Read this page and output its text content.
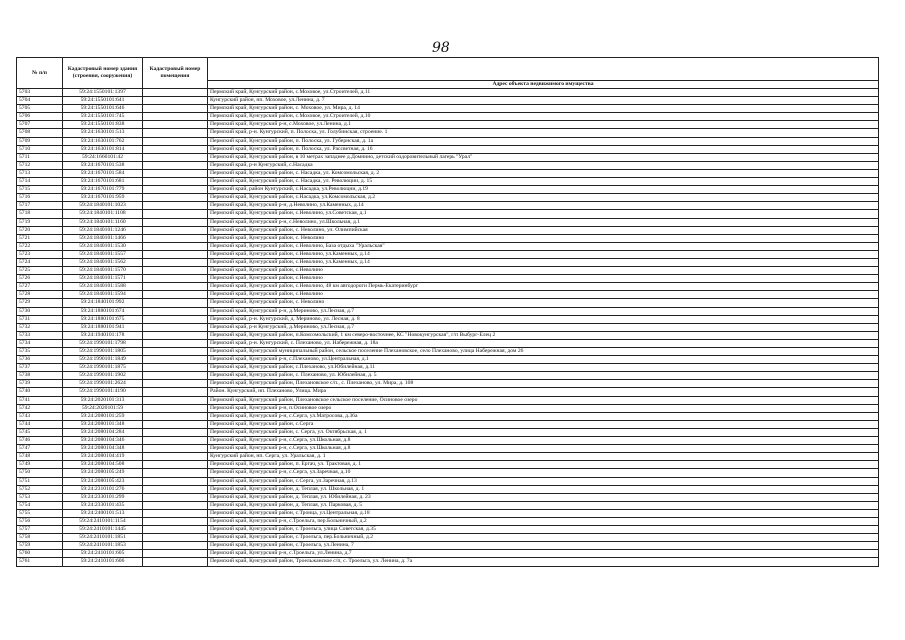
98
№ п/п	Кадастровый номер здания (строения, сооружения)	Кадастровый номер помещения	
			Адрес объекта недвижимого имущества
5703	59:24:1550101:1397		Пермский край, Кунгурский район, с.Моховое, ул.Строителей, д.11
5704	59:24:1550101:641		Кунгурский район, нп. Моховое, ул.Ленина, д. 7
5705	59:24:1550101:646		Пермский край, Кунгурский район, с. Моховое, ул. Мира, д. 14
5706	59:24:1550101:745		Пермский край, Кунгурский район, с.Моховое, ул.Строителей, д.10
5707	59:24:1550101:838		Пермский край, Кунгурский р-н, с.Моховое, ул.Ленина, д.1
5708	59:24:1630101:513		Пермский край, р-н. Кунгурский, п. Полоска, ул. Голубинская, строение. 1
5709	59:24:1630101:762		Пермский край, Кунгурский район, п. Полоска, ул. Губернская, д. 1а
5710	59:24:1630101:814		Пермский край, Кунгурский район, п. Полоска, ул. Рассветная, д. 16
5711	59:24:1660101:42		Пермский край, Кунгурский район, в 10 метрах западнее д.Домнино, детский оздоровительный лагерь "Урал"
5712	59:24:1670101:538		Пермский край, р-н Кунгурский, с.Насадка
5713	59:24:1670101:584		Пермский край, Кунгурский район, с. Насадка, ул. Комсомольская, д. 2
5714	59:24:1670101:681		Пермский край, Кунгурский район, с. Насадка, ул. Революции, д. 15
5715	59:24:1670101:779		Пермский край, район Кунгурский, с.Насадка, ул.Революции, д.19
5716	59:24:1670101:959		Пермский край, Кунгурский район, с.Насадка, ул.Комсомольская, д.2
5717	59:24:1840101:1023		Пермский край, Кунгурский р-н, д.Неволино, ул.Каменных, д.14
5718	59:24:1840101:1108		Пермский край, Кунгурский район, с.Неволино, ул.Советская, д.1
5719	59:24:1840101:1160		Пермский край, Кунгурский р-н, с.Неволино, ул.Школьная, д.1
5720	59:24:1840101:1246		Пермский край, Кунгурский район, с. Неволино, ул. Олимпийская
5721	59:24:1840101:1466		Пермский край, Кунгурский район, с. Неволино
5722	59:24:1840101:1530		Пермский край, Кунгурский район, с.Неволино, База отдыха "Уральская"
5723	59:24:1840101:1557		Пермский край, Кунгурский район, с.Неволино, ул.Каменных, д.14
5724	59:24:1840101:1562		Пермский край, Кунгурский район, с.Неволино, ул.Каменных, д.14
5725	59:24:1840101:1570		Пермский край, Кунгурский район, с.Неволино
5726	59:24:1840101:1571		Пермский край, Кунгурский район, с.Неволино
5727	59:24:1840101:1588		Пермский край, Кунгурский район, с.Неволино, 48 км автодороги Пермь-Екатеринбург
5728	59:24:1840101:1594		Пермский край, Кунгурский район, с.Неволино
5729	59:24:1840101:992		Пермский край, Кунгурский район, с. Неволино
5730	59:24:1880101:674		Пермский край, Кунгурский р-н, д.Мериново, ул.Лесная, д.7
5731	59:24:1880101:675		Пермский край, р-н. Кунгурский, д. Мериново, ул. Лесная, д. 8
5732	59:24:1880101:941		Пермский край, р-н Кунгурский, д.Мериново, ул.Лесная, д.7
5733	59:24:1940101:178		Пермский край, Кунгурский район, п.Комсомольский, 1 км северо-восточнее, КС "Новокунгурская", г/п Выбург-Елец 2
5734	59:24:1990101:1798		Пермский край, р-н. Кунгурский, с. Плеханово, ул. Набережная, д. 18а
5735	59:24:1990101:1805		Пермский край, Кунгурский муниципальный район, сельское поселение Плехановское, село Плеханово, улица Набережная, дом 26
5736	59:24:1990101:1849		Пермский край, Кунгурский р-н, с.Плеханово, ул.Центральная, д.1
5737	59:24:1990101:1875		Пермский край, Кунгурский район, с.Плеханово, ул.Юбилейная, д.11
5738	59:24:1990101:1902		Пермский край, Кунгурский район, с. Плеханово, ул. Юбилейная, д. 5
5739	59:24:1990101:2624		Пермский край, Кунгурский район, Плехановское с/п., с. Плеханово, ул. Мира, д. 108
5740	59:24:1990101:4190		Район. Кунгурский, нп. Плеханово, Улица. Мира
5741	59:24:2020101:313		Пермский край, Кунгурский район, Плехановское сельское поселение, Осиновое озеро
5742	59:24:2020101:59		Пермский край, Кунгурский р-н, п.Осиновое озеро
5743	59:24:2080101:259		Пермский край, Кунгурский р-н, с.Серга, ул.Матросова, д.36а
5744	59:24:2080101:348		Пермский край, Кунгурский район, с.Серга
5745	59:24:2080104:284		Пермский край, Кунгурский район, с. Серга, ул. Октябрьская, д. 1
5746	59:24:2080104:346		Пермский край, Кунгурский р-н, с.Серга, ул.Школьная, д.8
5747	59:24:2080104:348		Пермский край, Кунгурский р-н, с.Серга, ул.Школьная, д.8
5748	59:24:2080104:419		Кунгурский район, нп. Серга, ул. Уральская, д. 1
5749	59:24:2080104:508		Пермский край, Кунгурский район, п. Ергач, ул. Трактовая, д. 1
5750	59:24:2080105:249		Пермский край, Кунгурский р-н, с.Серга, ул.Заречная, д.10
5751	59:24:2080105:423		Пермский край, Кунгурский район, с.Серга, ул.Заречная, д.13
5752	59:24:2310101:276		Пермский край, Кунгурский район, д. Теплая, ул. Школьная, д. 1
5753	59:24:2330101:299		Пермский край, Кунгурский район, д. Теплая, ул. Юбилейная, д. 23
5754	59:24:2330101:435		Пермский край, Кунгурский район, д. Теплая, ул. Парковая, д. 5
5755	59:24:2400101:513		Пермский край, Кунгурский район, с.Троица, ул.Центральная, д.18
5756	59:24:2410101:1154		Пермский край, Кунгурский р-н, с.Троельга, пер.Больничный, д.2
5757	59:24:2410101:1445		Пермский край, Кунгурский район, с.Троельга, улица Советская, д.35
5758	59:24:2410101:1851		Пермский край, Кунгурский район, с.Троельга, пер.Больничный, д.2
5759	59:24:2410101:1853		Пермский край, Кунгурский район, с.Троельга, ул.Ленина, 7
5760	59:24:2410101:605		Пермский край, Кунгурский р-н, с.Троельга, ул.Ленина, д.7
5761	59:24:2410101:606		Пермский край, Кунгурский район, Троельжанское с/п, с. Троельга, ул. Ленина, д. 7а
